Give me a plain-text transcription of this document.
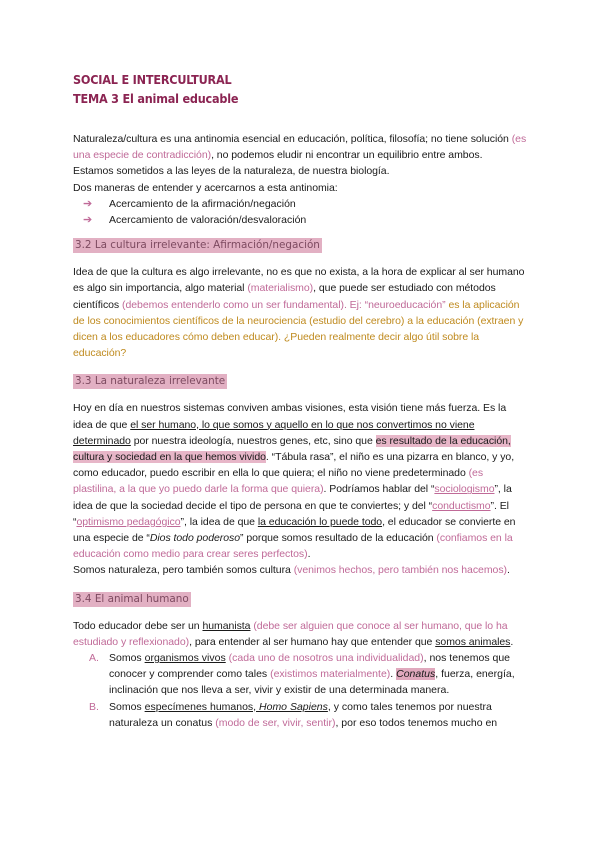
SOCIAL E INTERCULTURAL
TEMA 3 El animal educable
Naturaleza/cultura es una antinomia esencial en educación, política, filosofía; no tiene solución (es una especie de contradicción), no podemos eludir ni encontrar un equilibrio entre ambos.
Estamos sometidos a las leyes de la naturaleza, de nuestra biología.
Dos maneras de entender y acercarnos a esta antinomia:
➔ Acercamiento de la afirmación/negación
➔ Acercamiento de valoración/desvaloración
3.2 La cultura irrelevante: Afirmación/negación
Idea de que la cultura es algo irrelevante, no es que no exista, a la hora de explicar al ser humano es algo sin importancia, algo material (materialismo), que puede ser estudiado con métodos científicos (debemos entenderlo como un ser fundamental). Ej: “neuroeducación” es la aplicación de los conocimientos científicos de la neurociencia (estudio del cerebro) a la educación (extraen y dicen a los educadores cómo deben educar). ¿Pueden realmente decir algo útil sobre la educación?
3.3 La naturaleza irrelevante
Hoy en día en nuestros sistemas conviven ambas visiones, esta visión tiene más fuerza. Es la idea de que el ser humano, lo que somos y aquello en lo que nos convertimos no viene determinado por nuestra ideología, nuestros genes, etc, sino que es resultado de la educación, cultura y sociedad en la que hemos vivido. “Tábula rasa”, el niño es una pizarra en blanco, y yo, como educador, puedo escribir en ella lo que quiera; el niño no viene predeterminado (es plastilina, a la que yo puedo darle la forma que quiera). Podríamos hablar del “sociologismo”, la idea de que la sociedad decide el tipo de persona en que te conviertes; y del “conductismo”. El “optimismo pedagógico”, la idea de que la educación lo puede todo, el educador se convierte en una especie de “Dios todo poderoso” porque somos resultado de la educación (confiamos en la educación como medio para crear seres perfectos).
Somos naturaleza, pero también somos cultura (venimos hechos, pero también nos hacemos).
3.4 El animal humano
Todo educador debe ser un humanista (debe ser alguien que conoce al ser humano, que lo ha estudiado y reflexionado), para entender al ser humano hay que entender que somos animales.
A. Somos organismos vivos (cada uno de nosotros una individualidad), nos tenemos que conocer y comprender como tales (existimos materialmente). Conatus, fuerza, energía, inclinación que nos lleva a ser, vivir y existir de una determinada manera.
B. Somos especímenes humanos, Homo Sapiens, y como tales tenemos por nuestra naturaleza un conatus (modo de ser, vivir, sentir), por eso todos tenemos mucho en
